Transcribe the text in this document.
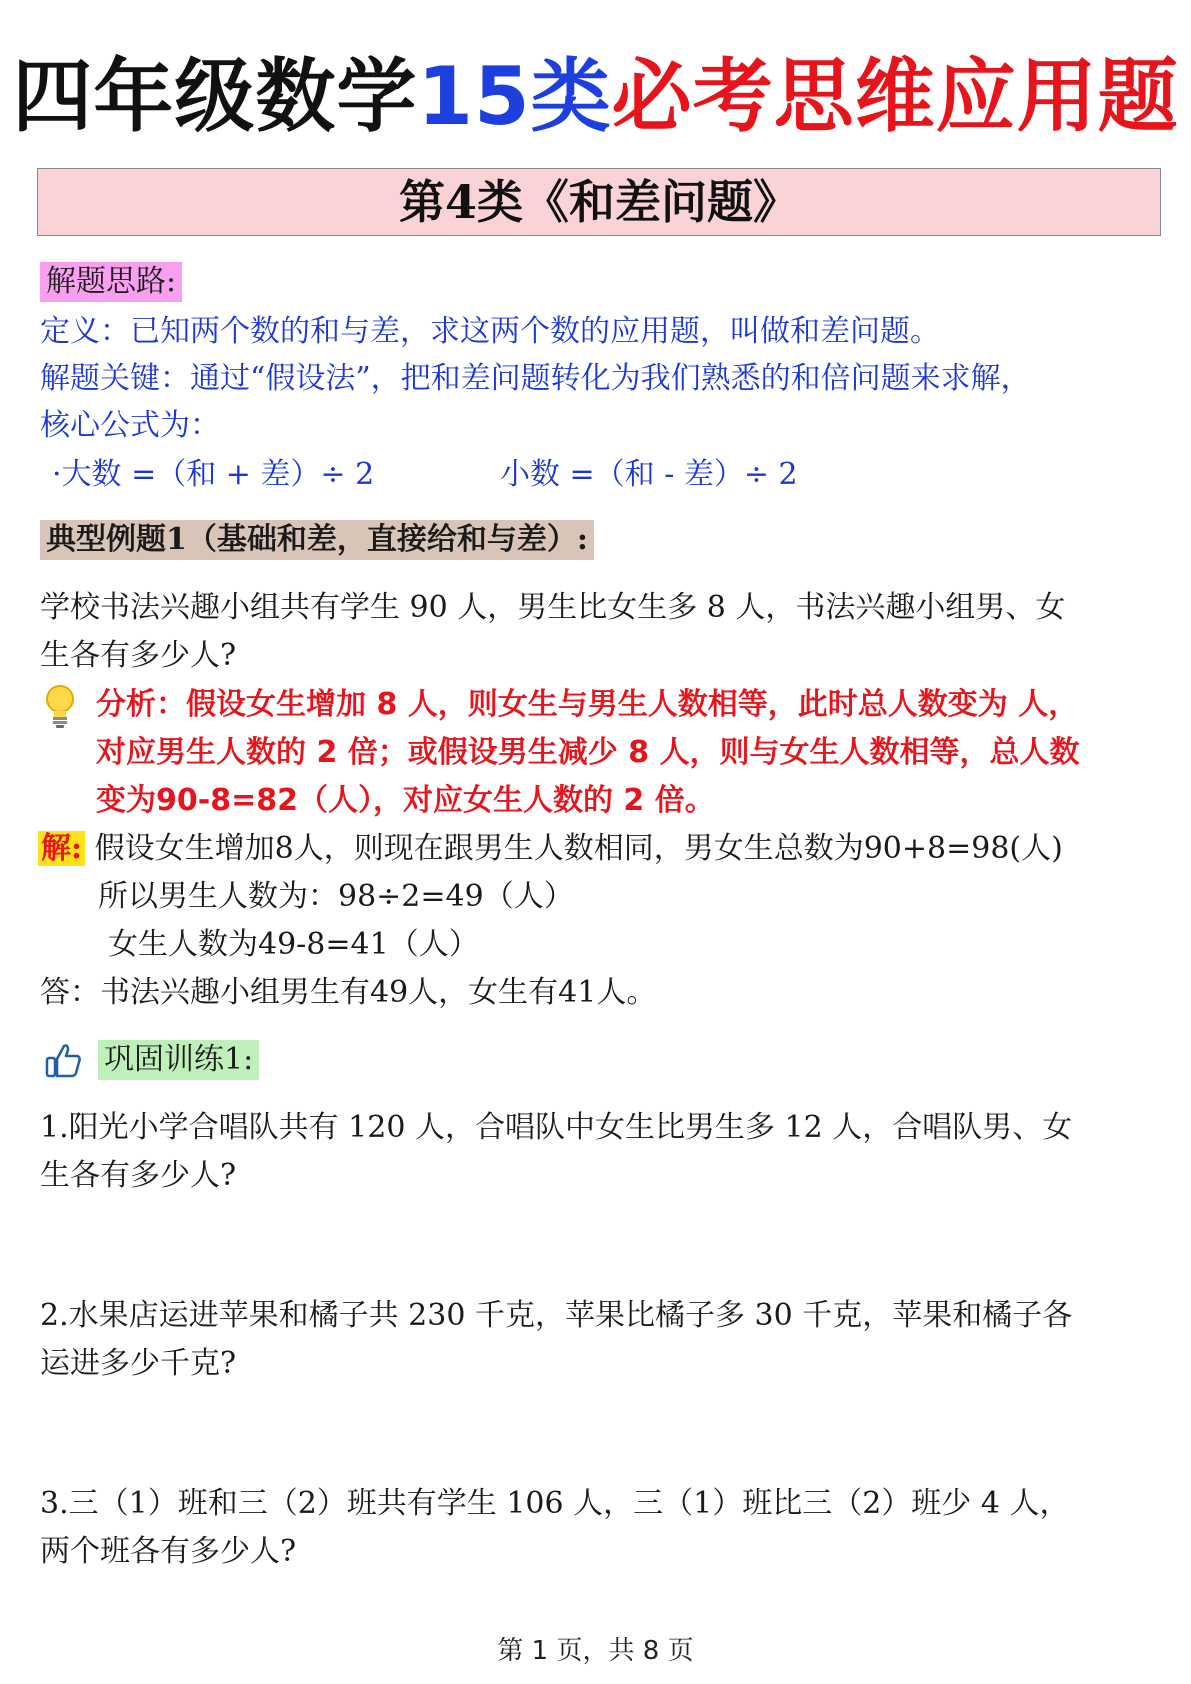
四年级数学15类必考思维应用题
第4类《和差问题》
解题思路:
定义：已知两个数的和与差，求这两个数的应用题，叫做和差问题。
解题关键：通过“假设法”，把和差问题转化为我们熟悉的和倍问题来求解，
核心公式为：
·大数 =（和 + 差）÷ 2	小数 =（和 - 差）÷ 2
典型例题1（基础和差，直接给和与差）:
学校书法兴趣小组共有学生 90 人，男生比女生多 8 人，书法兴趣小组男、女
生各有多少人?
分析：假设女生增加 8 人，则女生与男生人数相等，此时总人数变为 人，
对应男生人数的 2 倍；或假设男生减少 8 人，则与女生人数相等，总人数
变为90-8=82（人），对应女生人数的 2 倍。
解: 假设女生增加8人，则现在跟男生人数相同，男女生总数为90+8=98(人)
所以男生人数为：98÷2=49（人）
女生人数为49-8=41（人）
答：书法兴趣小组男生有49人，女生有41人。
巩固训练1:
1.阳光小学合唱队共有 120 人，合唱队中女生比男生多 12 人，合唱队男、女
生各有多少人?
2.水果店运进苹果和橘子共 230 千克，苹果比橘子多 30 千克，苹果和橘子各
运进多少千克?
3.三（1）班和三（2）班共有学生 106 人，三（1）班比三（2）班少 4 人，
两个班各有多少人?
第 1 页，共 8 页
